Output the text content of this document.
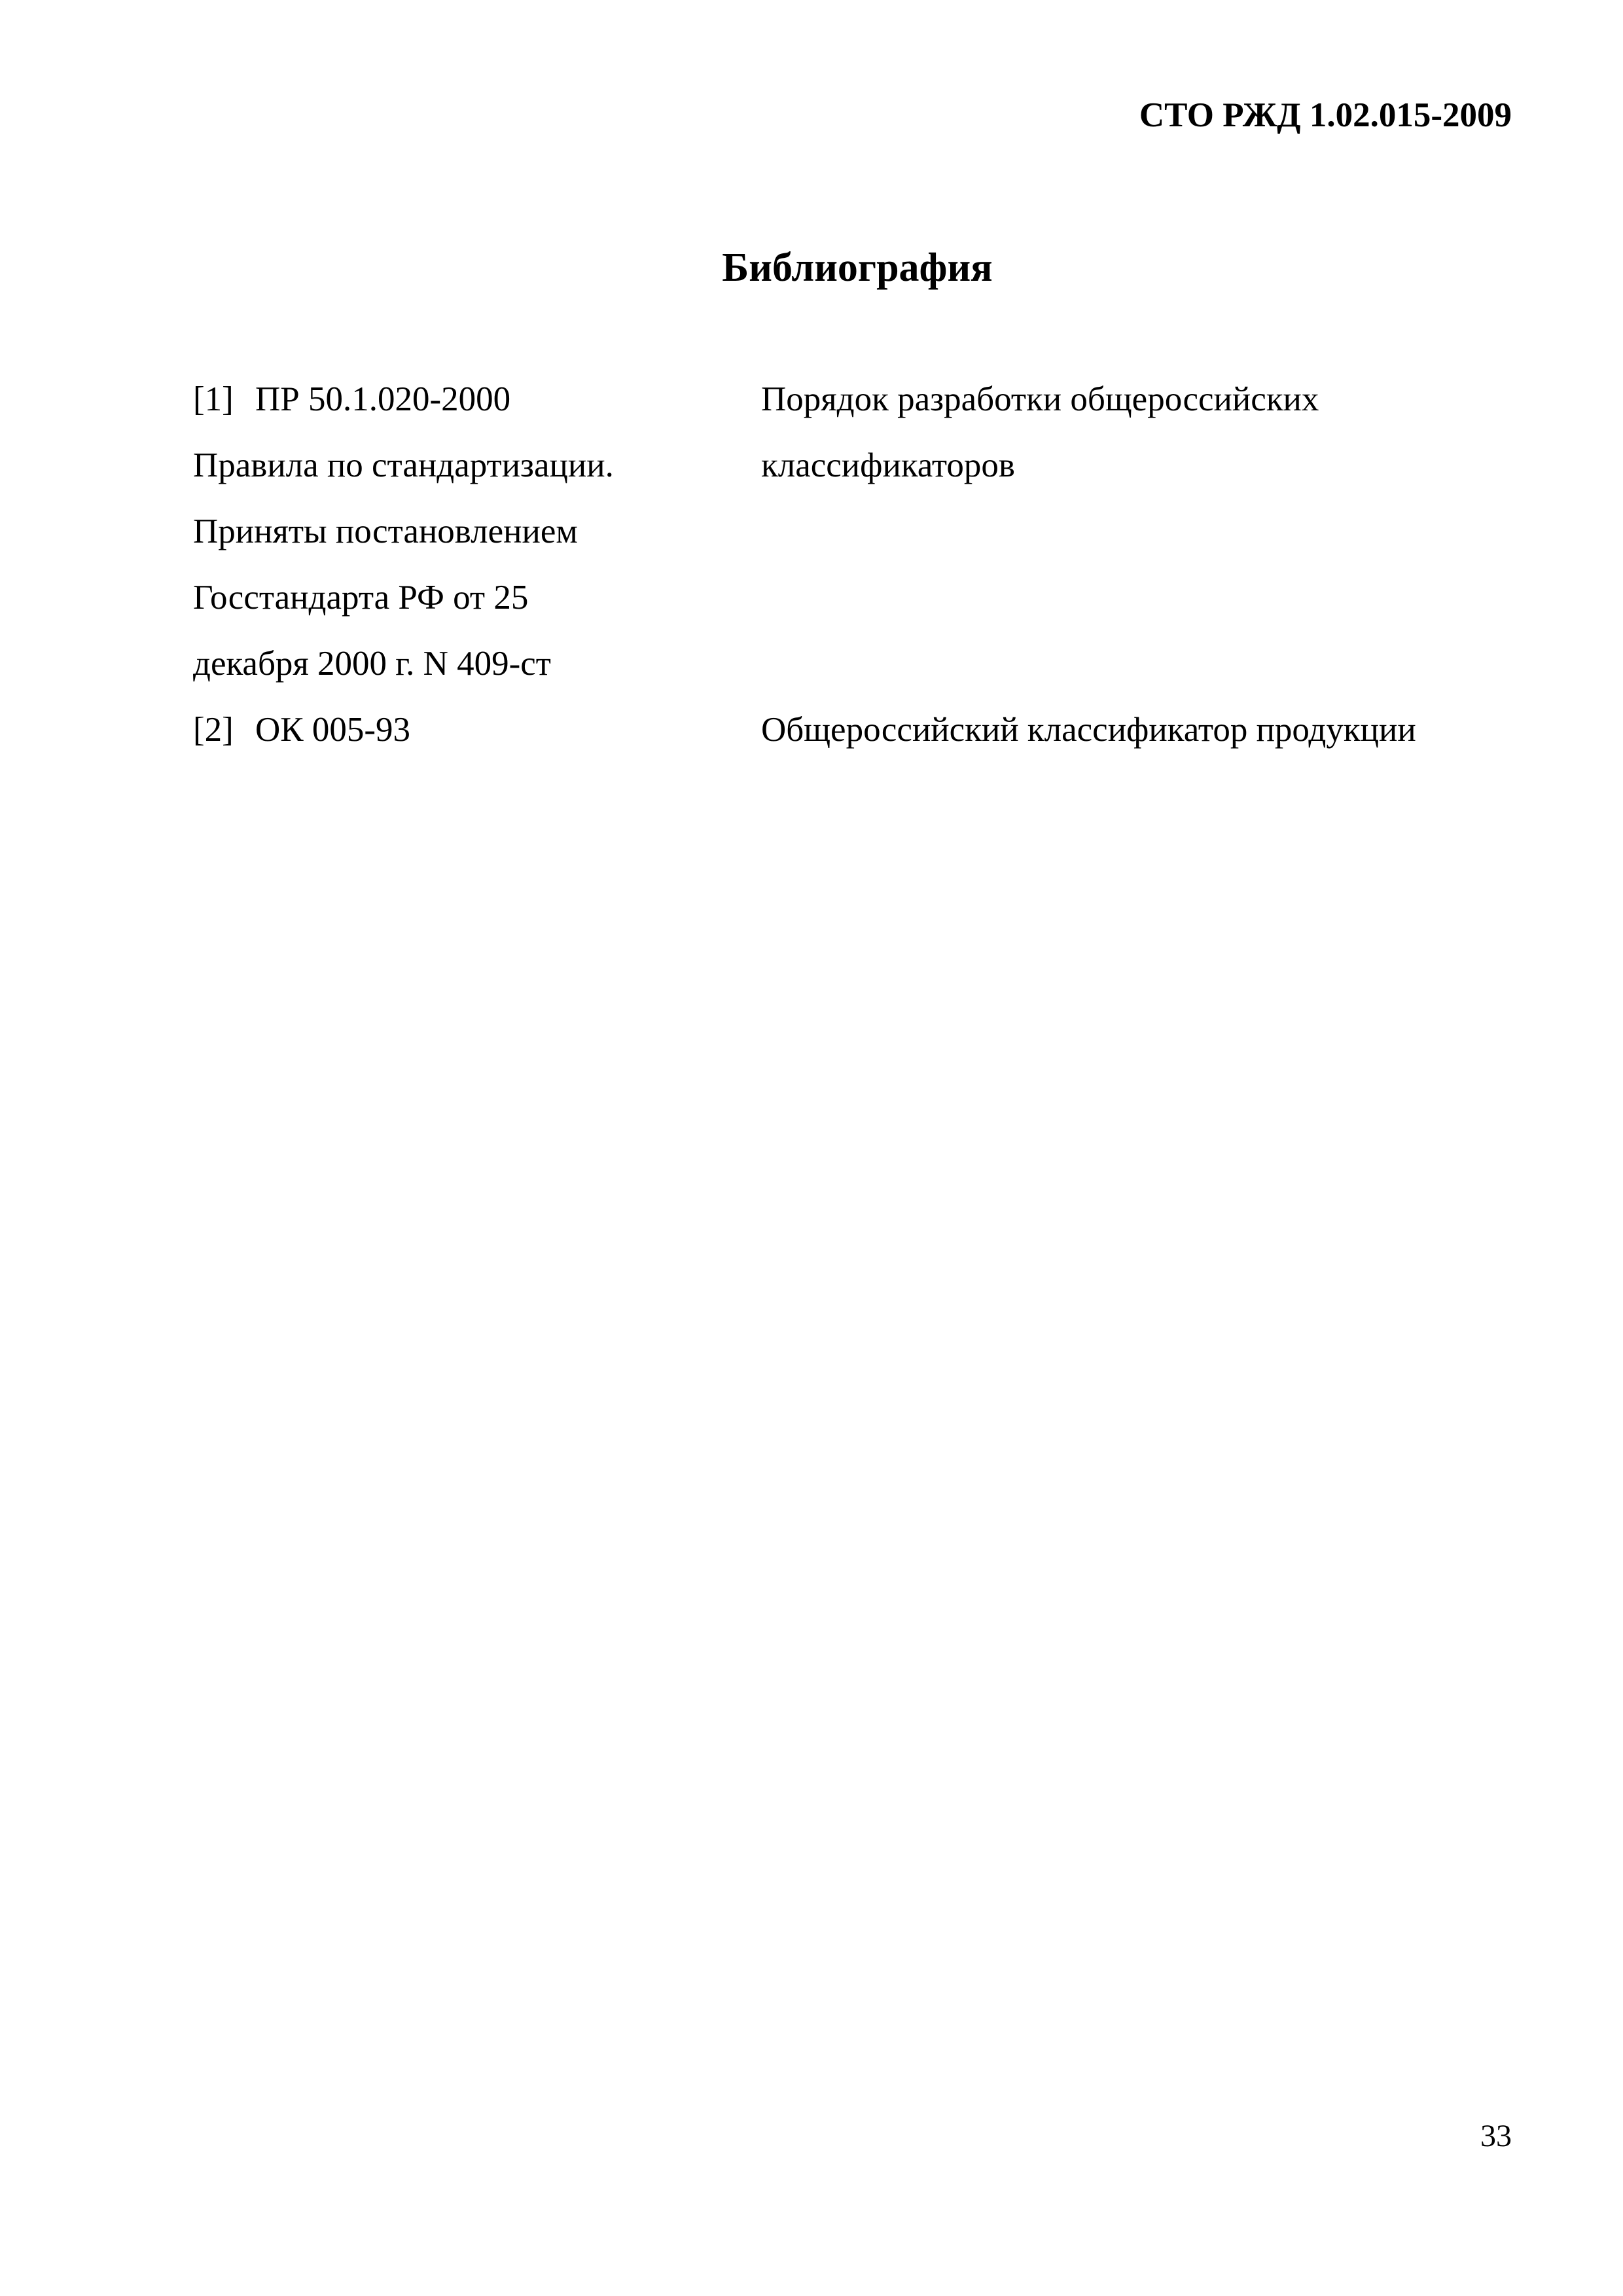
СТО РЖД 1.02.015-2009
Библиография
[1] ПР 50.1.020-2000
Правила по стандартизации.
Приняты постановлением
Госстандарта РФ от 25
декабря 2000 г. N 409-ст
Порядок разработки общероссийских
классификаторов
[2] ОК 005-93	Общероссийский классификатор продукции
33
